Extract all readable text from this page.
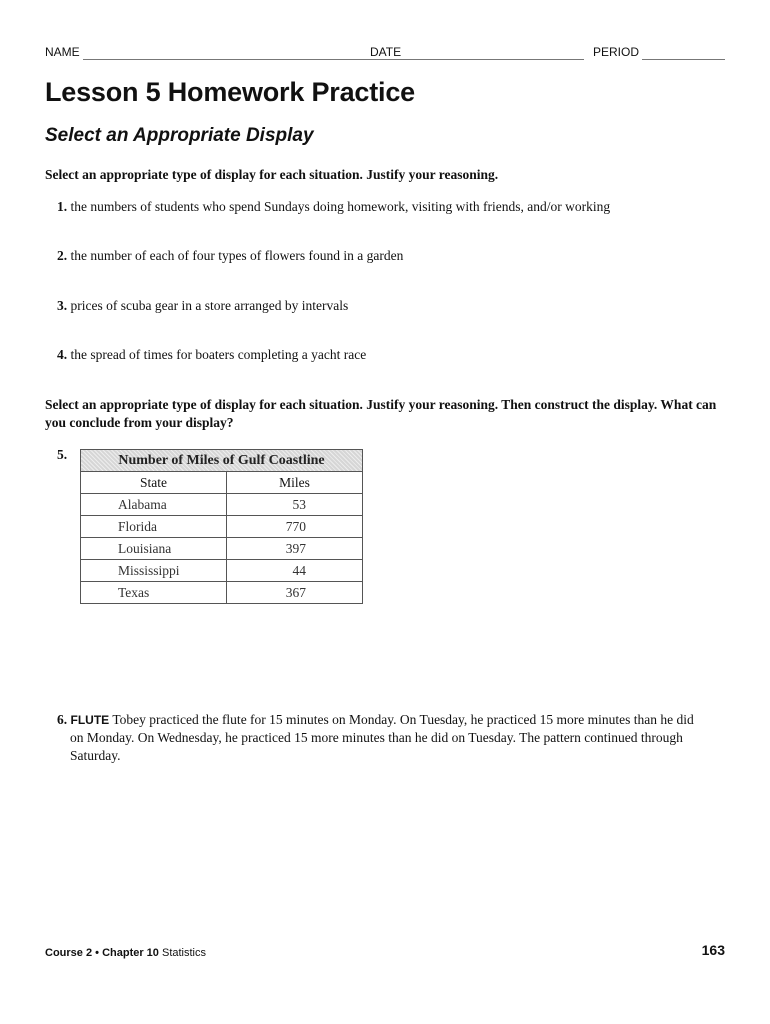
NAME	DATE	PERIOD
Lesson 5 Homework Practice
Select an Appropriate Display
Select an appropriate type of display for each situation. Justify your reasoning.
1. the numbers of students who spend Sundays doing homework, visiting with friends, and/or working
2. the number of each of four types of flowers found in a garden
3. prices of scuba gear in a store arranged by intervals
4. the spread of times for boaters completing a yacht race
Select an appropriate type of display for each situation. Justify your reasoning. Then construct the display. What can you conclude from your display?
5.	Number of Miles of Gulf Coastline	
State	Miles
Alabama	53
Florida	770
Louisiana	397
Mississippi	44
Texas	367
6. FLUTE Tobey practiced the flute for 15 minutes on Monday. On Tuesday, he practiced 15 more minutes than he did
on Monday. On Wednesday, he practiced 15 more minutes than he did on Tuesday. The pattern continued through Saturday.
Course 2 • Chapter 10 Statistics	163
